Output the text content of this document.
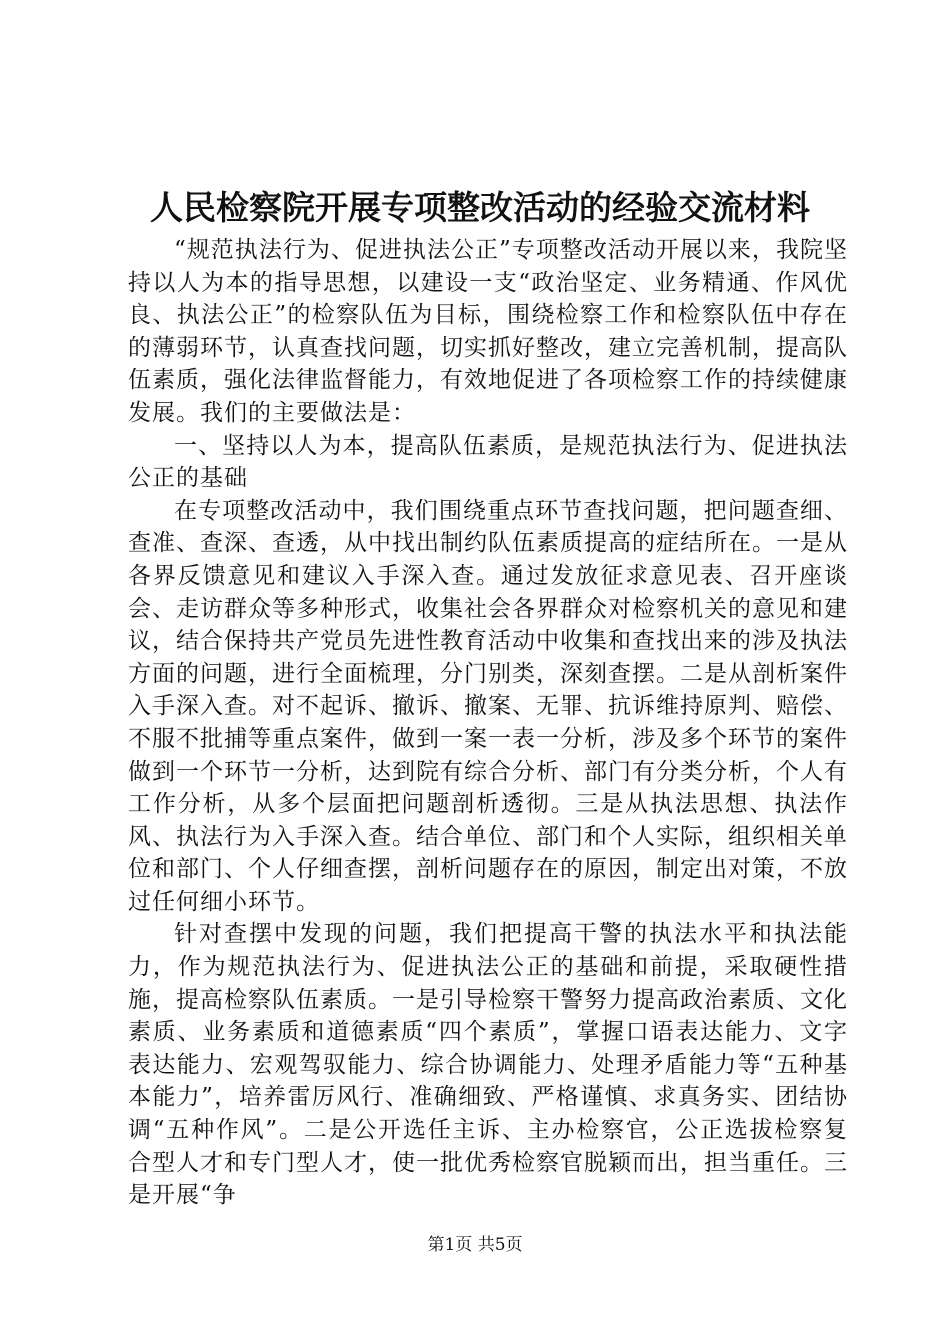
人民检察院开展专项整改活动的经验交流材料

“规范执法行为、促进执法公正”专项整改活动开展以来，我院坚持以人为本的指导思想，以建设一支“政治坚定、业务精通、作风优良、执法公正”的检察队伍为目标，围绕检察工作和检察队伍中存在的薄弱环节，认真查找问题，切实抓好整改，建立完善机制，提高队伍素质，强化法律监督能力，有效地促进了各项检察工作的持续健康发展。我们的主要做法是：

一、坚持以人为本，提高队伍素质，是规范执法行为、促进执法公正的基础

在专项整改活动中，我们围绕重点环节查找问题，把问题查细、查准、查深、查透，从中找出制约队伍素质提高的症结所在。一是从各界反馈意见和建议入手深入查。通过发放征求意见表、召开座谈会、走访群众等多种形式，收集社会各界群众对检察机关的意见和建议，结合保持共产党员先进性教育活动中收集和查找出来的涉及执法方面的问题，进行全面梳理，分门别类，深刻查摆。二是从剖析案件入手深入查。对不起诉、撤诉、撤案、无罪、抗诉维持原判、赔偿、不服不批捕等重点案件，做到一案一表一分析，涉及多个环节的案件做到一个环节一分析，达到院有综合分析、部门有分类分析，个人有工作分析，从多个层面把问题剖析透彻。三是从执法思想、执法作风、执法行为入手深入查。结合单位、部门和个人实际，组织相关单位和部门、个人仔细查摆，剖析问题存在的原因，制定出对策，不放过任何细小环节。

针对查摆中发现的问题，我们把提高干警的执法水平和执法能力，作为规范执法行为、促进执法公正的基础和前提，采取硬性措施，提高检察队伍素质。一是引导检察干警努力提高政治素质、文化素质、业务素质和道德素质“四个素质”，掌握口语表达能力、文字表达能力、宏观驾驭能力、综合协调能力、处理矛盾能力等“五种基本能力”，培养雷厉风行、准确细致、严格谨慎、求真务实、团结协调“五种作风”。二是公开选任主诉、主办检察官，公正选拔检察复合型人才和专门型人才，使一批优秀检察官脱颖而出，担当重任。三是开展“争

第1页 共5页
